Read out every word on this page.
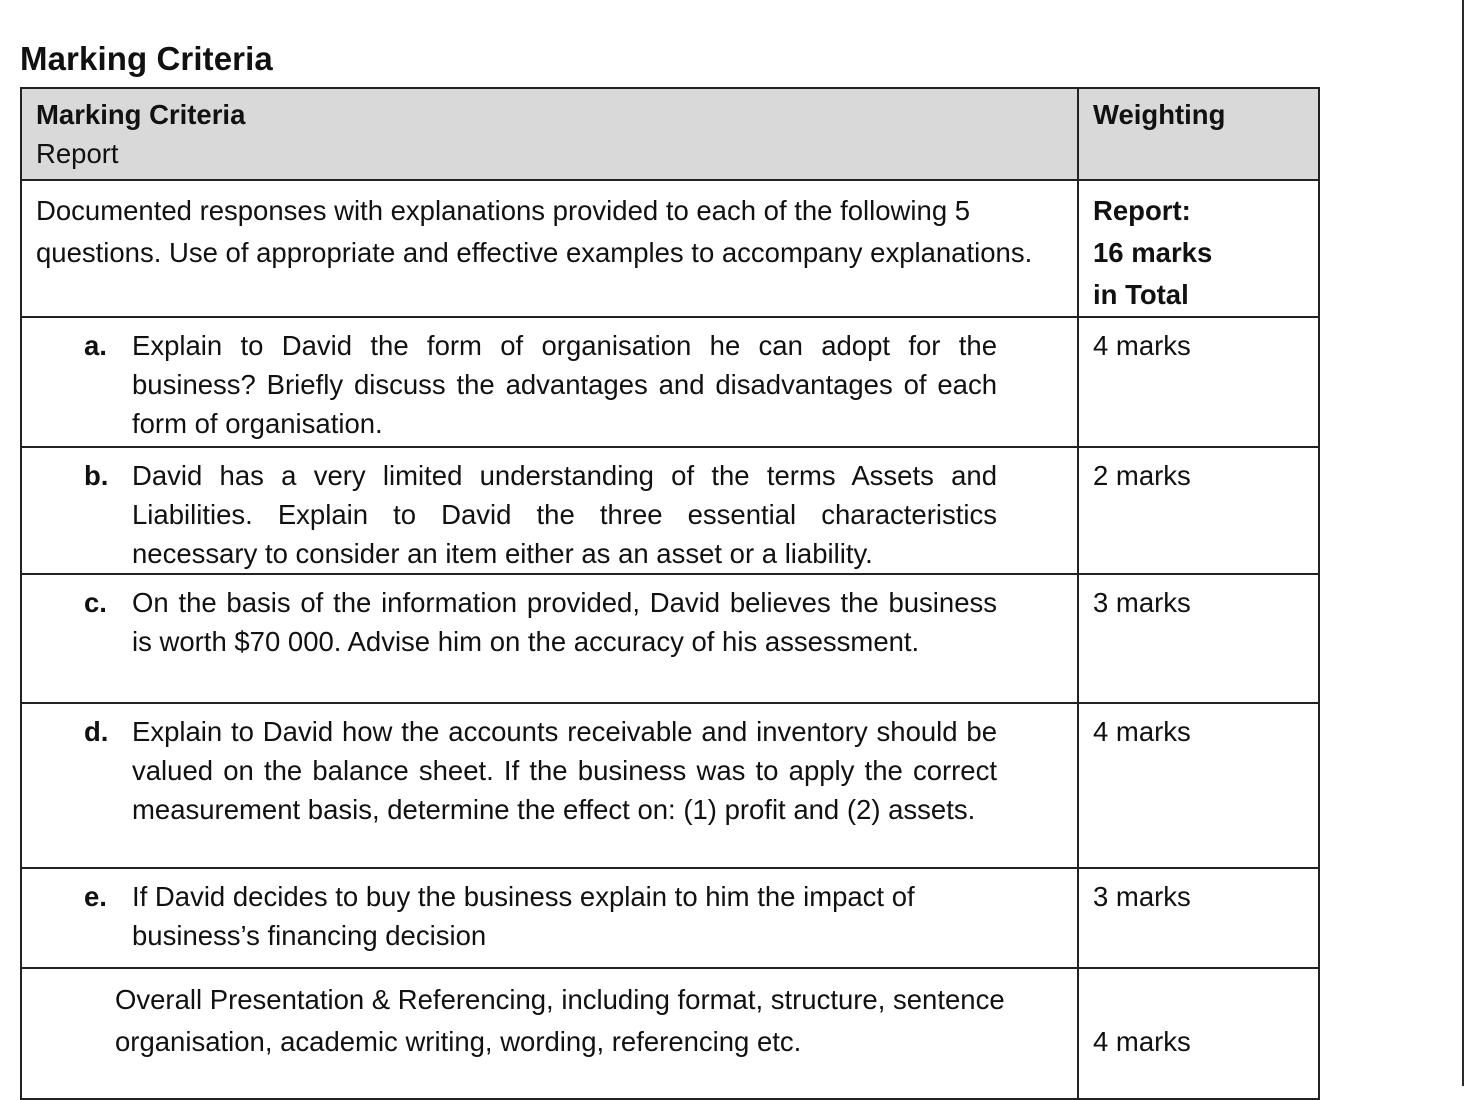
Marking Criteria
Marking Criteria
Report	Weighting

Documented responses with explanations provided to each of the following 5 questions. Use of appropriate and effective examples to accompany explanations.	Report:
16 marks
in Total

a. Explain to David the form of organisation he can adopt for the business? Briefly discuss the advantages and disadvantages of each form of organisation.	4 marks

b. David has a very limited understanding of the terms Assets and Liabilities. Explain to David the three essential characteristics necessary to consider an item either as an asset or a liability.	2 marks

c. On the basis of the information provided, David believes the business is worth $70 000. Advise him on the accuracy of his assessment.	3 marks

d. Explain to David how the accounts receivable and inventory should be valued on the balance sheet. If the business was to apply the correct measurement basis, determine the effect on: (1) profit and (2) assets.	4 marks

e. If David decides to buy the business explain to him the impact of business’s financing decision	3 marks
Overall Presentation & Referencing, including format, structure, sentence organisation, academic writing, wording, referencing etc.	4 marks
